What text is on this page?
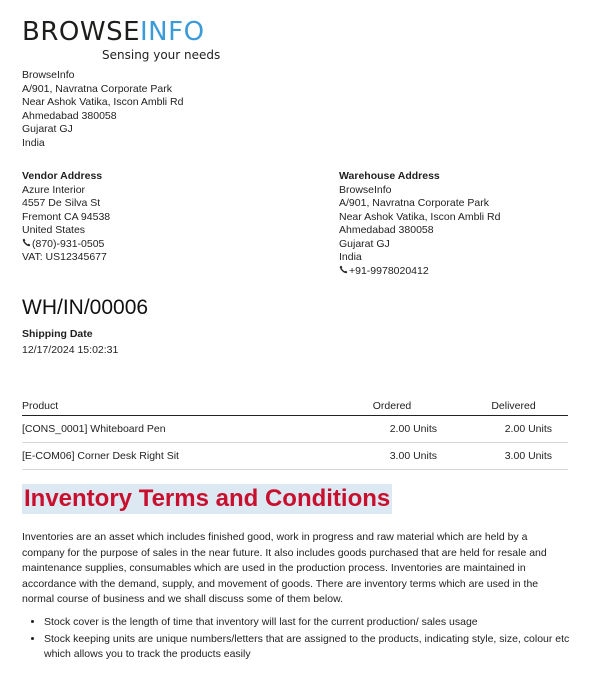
BROWSEINFO
Sensing your needs
BrowseInfo
A/901, Navratna Corporate Park
Near Ashok Vatika, Iscon Ambli Rd
Ahmedabad 380058
Gujarat GJ
India
Vendor Address
Azure Interior
4557 De Silva St
Fremont CA 94538
United States
(870)-931-0505
VAT: US12345677
Warehouse Address
BrowseInfo
A/901, Navratna Corporate Park
Near Ashok Vatika, Iscon Ambli Rd
Ahmedabad 380058
Gujarat GJ
India
+91-9978020412
WH/IN/00006
Shipping Date
12/17/2024 15:02:31
Product	Ordered	Delivered
[CONS_0001] Whiteboard Pen	2.00 Units	2.00 Units
[E-COM06] Corner Desk Right Sit	3.00 Units	3.00 Units
Inventory Terms and Conditions
Inventories are an asset which includes finished good, work in progress and raw material which are held by a company for the purpose of sales in the near future. It also includes goods purchased that are held for resale and maintenance supplies, consumables which are used in the production process. Inventories are maintained in accordance with the demand, supply, and movement of goods. There are inventory terms which are used in the normal course of business and we shall discuss some of them below.
• Stock cover is the length of time that inventory will last for the current production/ sales usage
• Stock keeping units are unique numbers/letters that are assigned to the products, indicating style, size, colour etc which allows you to track the products easily
